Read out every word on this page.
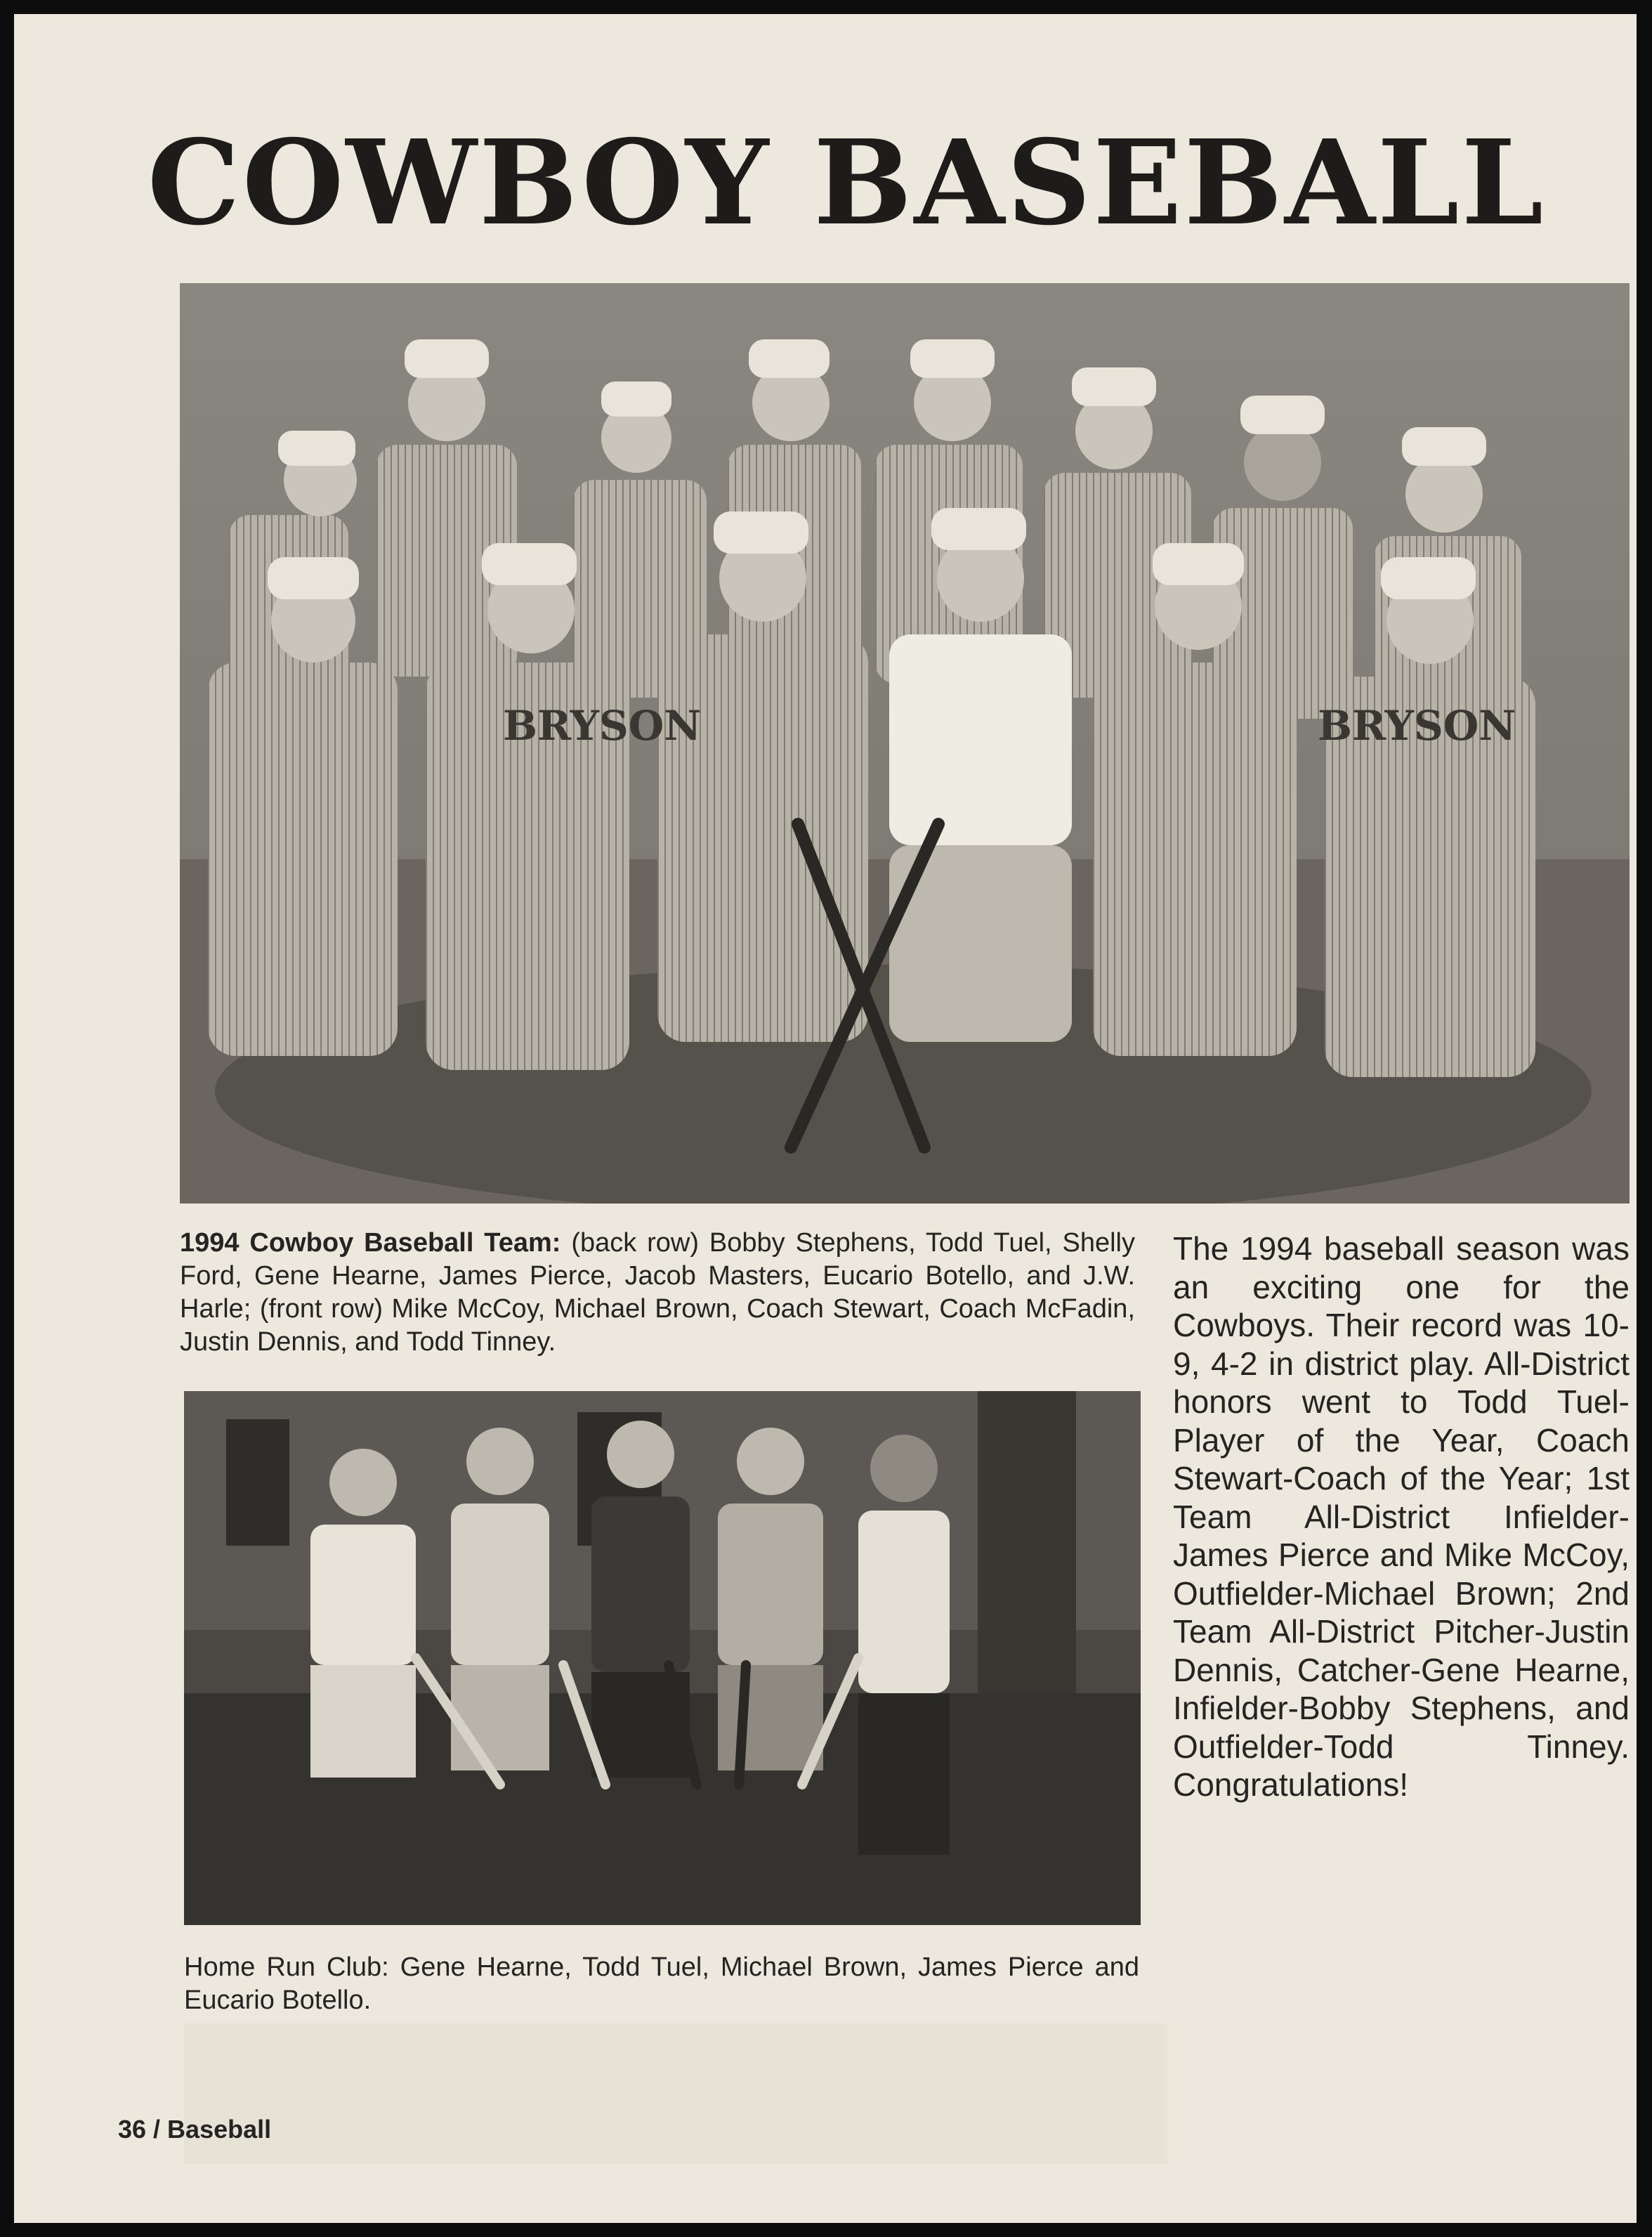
COWBOY BASEBALL
BRYSON	BRYSON
1994 Cowboy Baseball Team: (back row) Bobby Stephens, Todd Tuel, Shelly Ford, Gene Hearne, James Pierce, Jacob Masters, Eucario Botello, and J.W. Harle; (front row) Mike McCoy, Michael Brown, Coach Stewart, Coach McFadin, Justin Dennis, and Todd Tinney.
Home Run Club: Gene Hearne, Todd Tuel, Michael Brown, James Pierce and Eucario Botello.
The 1994 baseball season was an exciting one for the Cowboys. Their record was 10-9, 4-2 in district play. All-District honors went to Todd Tuel-Player of the Year, Coach Stewart-Coach of the Year; 1st Team All-District Infielder-James Pierce and Mike McCoy, Outfielder-Michael Brown; 2nd Team All-District Pitcher-Justin Dennis, Catcher-Gene Hearne, Infielder-Bobby Stephens, and Outfielder-Todd Tinney. Congratulations!
36 / Baseball
